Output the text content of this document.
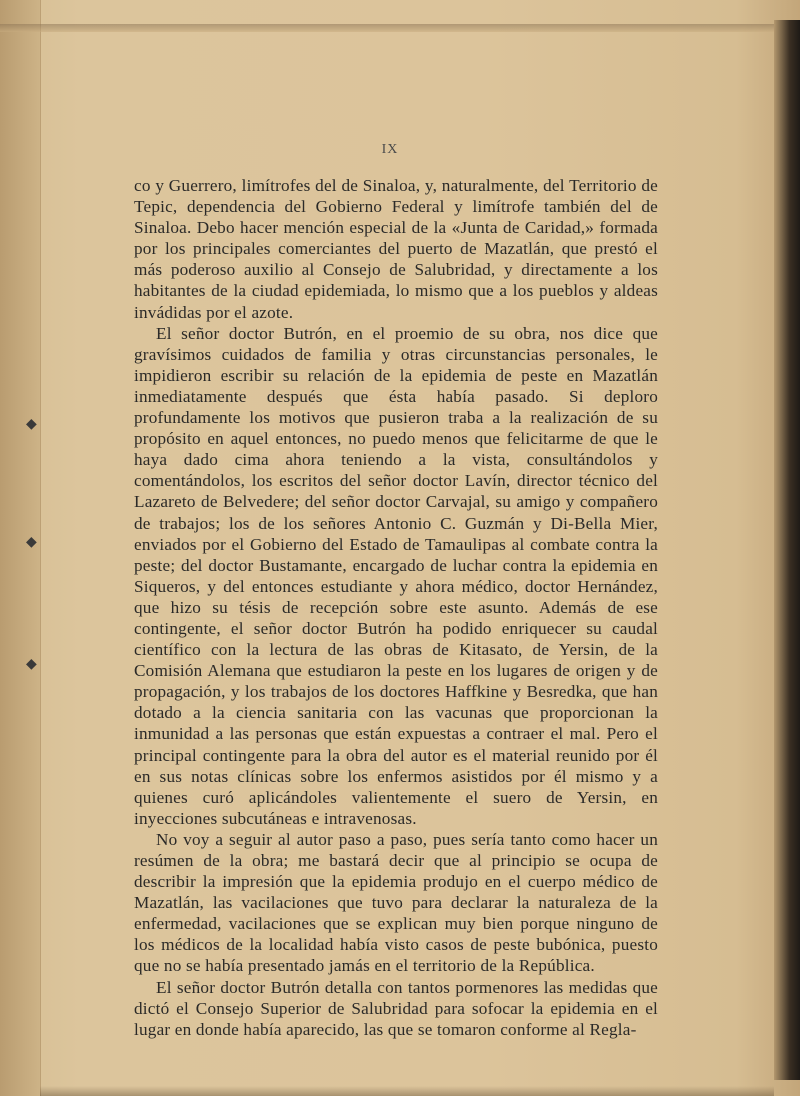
◆
◆
◆
IX

co y Guerrero, limítrofes del de Sinaloa, y, naturalmente, del Territorio de Tepic, dependencia del Gobierno Federal y limítrofe también del de Sinaloa. Debo hacer mención especial de la «Junta de Caridad,» formada por los principales comerciantes del puerto de Mazatlán, que prestó el más poderoso auxilio al Consejo de Salubridad, y directamente a los habitantes de la ciudad epidemiada, lo mismo que a los pueblos y aldeas invádidas por el azote.

El señor doctor Butrón, en el proemio de su obra, nos dice que gravísimos cuidados de familia y otras circunstancias personales, le impidieron escribir su relación de la epidemia de peste en Mazatlán inmediatamente después que ésta había pasado. Si deploro profundamente los motivos que pusieron traba a la realización de su propósito en aquel entonces, no puedo menos que felicitarme de que le haya dado cima ahora teniendo a la vista, consultándolos y comentándolos, los escritos del señor doctor Lavín, director técnico del Lazareto de Belvedere; del señor doctor Carvajal, su amigo y compañero de trabajos; los de los señores Antonio C. Guzmán y Di-Bella Mier, enviados por el Gobierno del Estado de Tamaulipas al combate contra la peste; del doctor Bustamante, encargado de luchar contra la epidemia en Siqueros, y del entonces estudiante y ahora médico, doctor Hernández, que hizo su tésis de recepción sobre este asunto. Además de ese contingente, el señor doctor Butrón ha podido enriquecer su caudal científico con la lectura de las obras de Kitasato, de Yersin, de la Comisión Alemana que estudiaron la peste en los lugares de origen y de propagación, y los trabajos de los doctores Haffkine y Besredka, que han dotado a la ciencia sanitaria con las vacunas que proporcionan la inmunidad a las personas que están expuestas a contraer el mal. Pero el principal contingente para la obra del autor es el material reunido por él en sus notas clínicas sobre los enfermos asistidos por él mismo y a quienes curó aplicándoles valientemente el suero de Yersin, en inyecciones subcutáneas e intravenosas.

No voy a seguir al autor paso a paso, pues sería tanto como hacer un resúmen de la obra; me bastará decir que al principio se ocupa de describir la impresión que la epidemia produjo en el cuerpo médico de Mazatlán, las vacilaciones que tuvo para declarar la naturaleza de la enfermedad, vacilaciones que se explican muy bien porque ninguno de los médicos de la localidad había visto casos de peste bubónica, puesto que no se había presentado jamás en el territorio de la República.

El señor doctor Butrón detalla con tantos pormenores las medidas que dictó el Consejo Superior de Salubridad para sofocar la epidemia en el lugar en donde había aparecido, las que se tomaron conforme al Regla-
